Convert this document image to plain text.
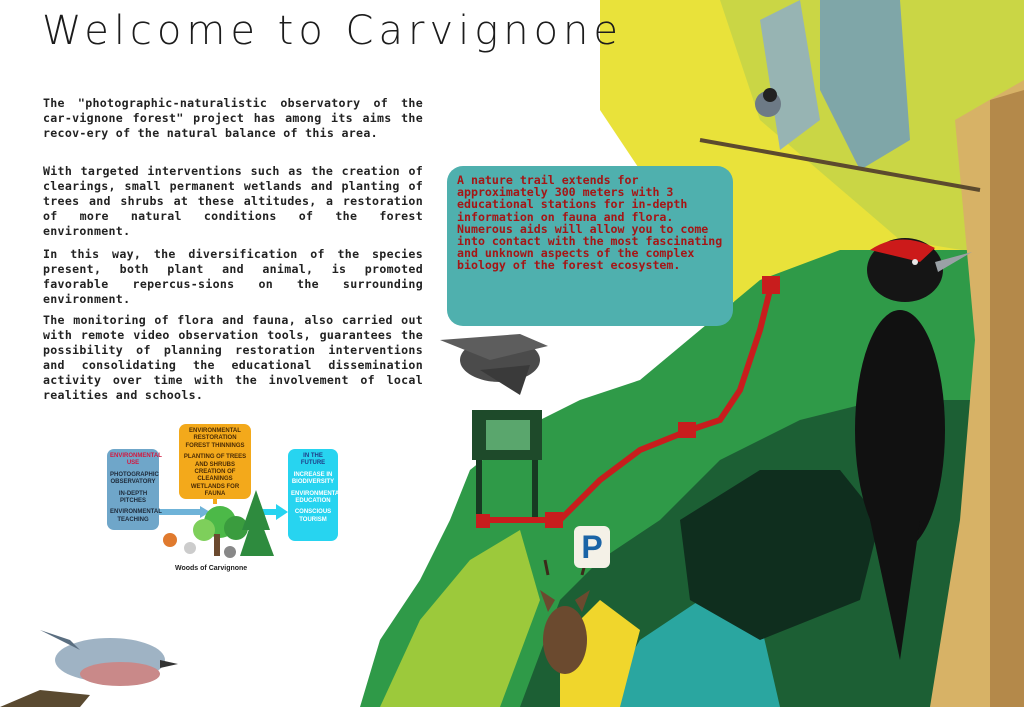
Welcome to Carvignone

The "photographic-naturalistic observatory of the car-vignone forest" project has among its aims the recov-ery of the natural balance of this area.

With targeted interventions such as the creation of clearings, small permanent wetlands and planting of trees and shrubs at these altitudes, a restoration of more natural conditions of the forest environment.

In this way, the diversification of the species present, both plant and animal, is promoted favorable repercus-sions on the surrounding environment.

The monitoring of flora and fauna, also carried out with remote video observation tools, guarantees the possibility of planning restoration interventions and consolidating the educational dissemination activity over time with the involvement of local realities and schools.

A nature trail extends for approximately 300 meters with 3 educational stations for in-depth information on fauna and flora. Numerous aids will allow you to come into contact with the most fascinating and unknown aspects of the complex biology of the forest ecosystem.

ENVIRONMENTAL USE
PHOTOGRAPHIC OBSERVATORY
IN-DEPTH PITCHES
ENVIRONMENTAL TEACHING
ENVIRONMENTAL RESTORATION FOREST THINNINGS
PLANTING OF TREES AND SHRUBS CREATION OF CLEANINGS WETLANDS FOR FAUNA
IN THE FUTURE
INCREASE IN BIODIVERSITY
ENVIRONMENTAL EDUCATION
CONSCIOUS TOURISM
Woods of Carvignone
P
